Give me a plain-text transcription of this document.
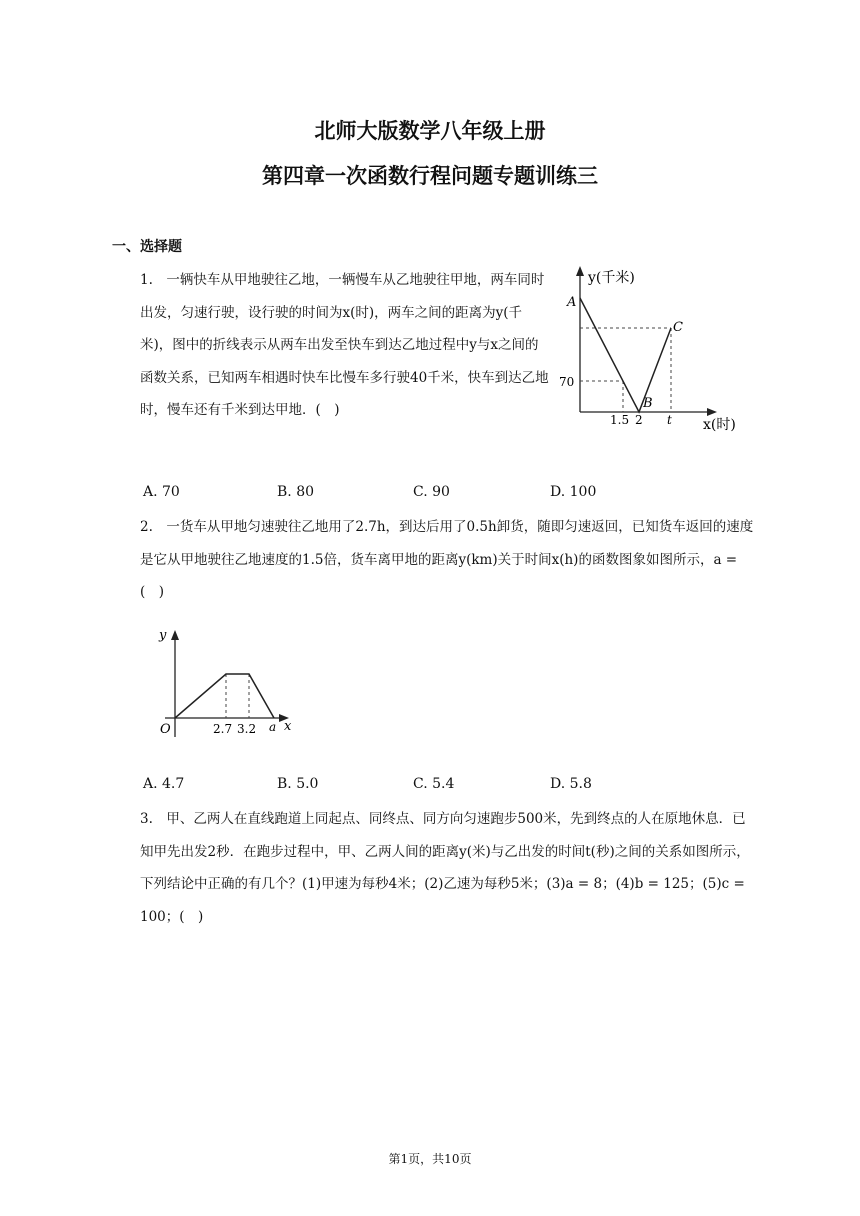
北师大版数学八年级上册
第四章一次函数行程问题专题训练三
一、选择题
1.　一辆快车从甲地驶往乙地，一辆慢车从乙地驶往甲地，两车同时出发，匀速行驶，设行驶的时间为x(时)，两车之间的距离为y(千米)，图中的折线表示从两车出发至快车到达乙地过程中y与x之间的函数关系，已知两车相遇时快车比慢车多行驶40千米，快车到达乙地时，慢车还有千米到达甲地．(　)
y(千米)
A
C
B
70
1.5 2 t x(时)
A. 70	B. 80	C. 90	D. 100
2.　一货车从甲地匀速驶往乙地用了2.7h，到达后用了0.5h卸货，随即匀速返回，已知货车返回的速度是它从甲地驶往乙地速度的1.5倍，货车离甲地的距离y(km)关于时间x(h)的函数图象如图所示，a =(　)
y
O	2.7 3.2 a x
A. 4.7	B. 5.0	C. 5.4	D. 5.8
3.　甲、乙两人在直线跑道上同起点、同终点、同方向匀速跑步500米，先到终点的人在原地休息．已知甲先出发2秒．在跑步过程中，甲、乙两人间的距离y(米)与乙出发的时间t(秒)之间的关系如图所示，下列结论中正确的有几个？(1)甲速为每秒4米；(2)乙速为每秒5米；(3)a = 8；(4)b = 125；(5)c = 100；(　)
第1页，共10页
